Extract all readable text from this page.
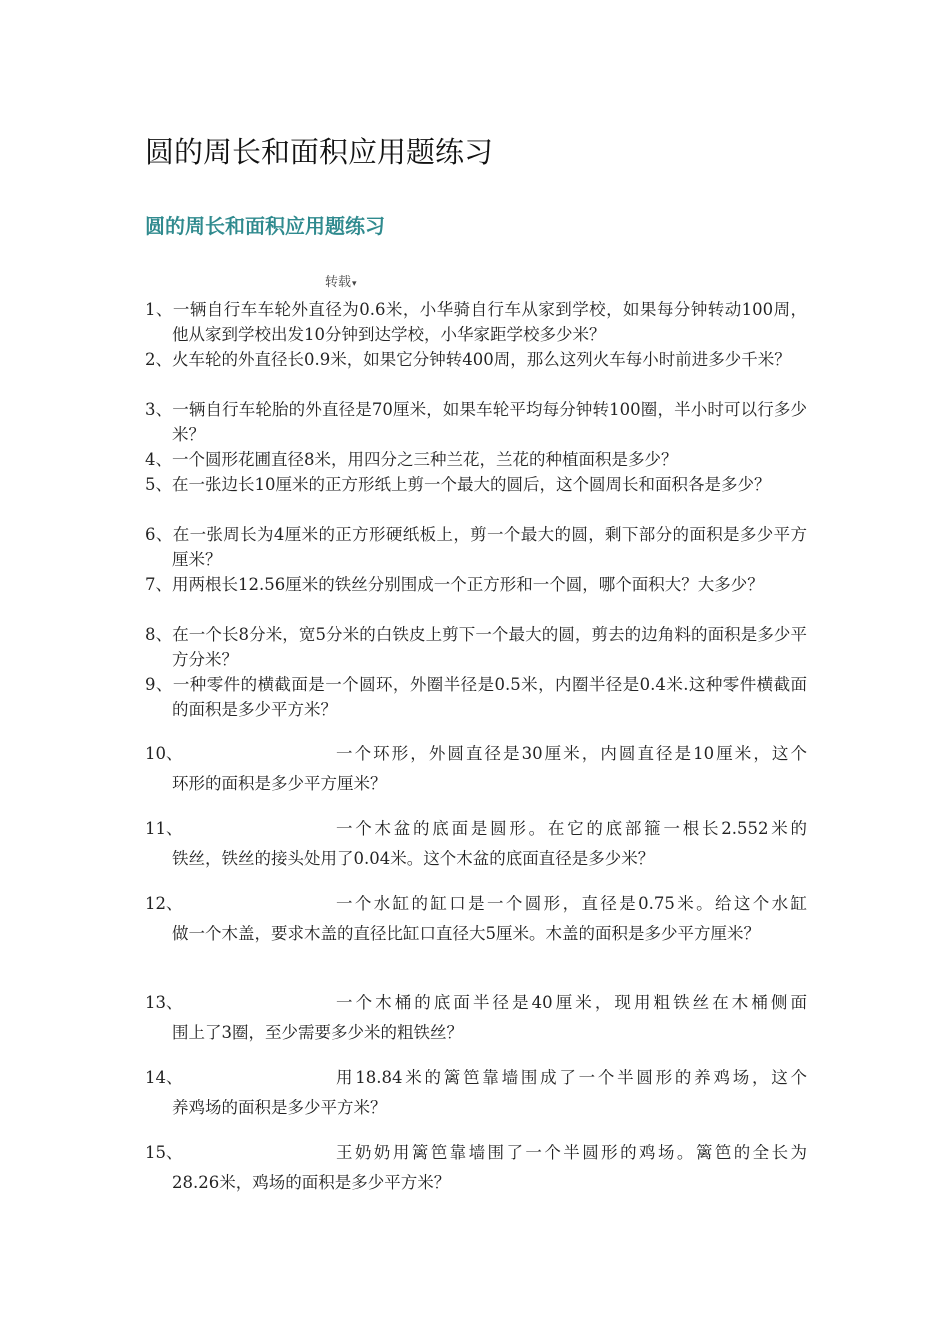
圆的周长和面积应用题练习
圆的周长和面积应用题练习
转载▾
1、一辆自行车车轮外直径为0.6米，小华骑自行车从家到学校，如果每分钟转动100周，他从家到学校出发10分钟到达学校，小华家距学校多少米？
2、火车轮的外直径长0.9米，如果它分钟转400周，那么这列火车每小时前进多少千米？
3、一辆自行车轮胎的外直径是70厘米，如果车轮平均每分钟转100圈，半小时可以行多少米？
4、一个圆形花圃直径8米，用四分之三种兰花，兰花的种植面积是多少？
5、在一张边长10厘米的正方形纸上剪一个最大的圆后，这个圆周长和面积各是多少？
6、在一张周长为4厘米的正方形硬纸板上，剪一个最大的圆，剩下部分的面积是多少平方厘米？
7、用两根长12.56厘米的铁丝分别围成一个正方形和一个圆，哪个面积大？大多少？
8、在一个长8分米，宽5分米的白铁皮上剪下一个最大的圆，剪去的边角料的面积是多少平方分米？
9、一种零件的横截面是一个圆环，外圈半径是0.5米，内圈半径是0.4米.这种零件横截面的面积是多少平方米？
10、	一个环形，外圆直径是30厘米，内圆直径是10厘米，这个
环形的面积是多少平方厘米？
11、	一个木盆的底面是圆形。在它的底部箍一根长2.552米的
铁丝，铁丝的接头处用了0.04米。这个木盆的底面直径是多少米？
12、	一个水缸的缸口是一个圆形，直径是0.75米。给这个水缸
做一个木盖，要求木盖的直径比缸口直径大5厘米。木盖的面积是多少平方厘米？
13、	一个木桶的底面半径是40厘米，现用粗铁丝在木桶侧面
围上了3圈，至少需要多少米的粗铁丝？
14、	用18.84米的篱笆靠墙围成了一个半圆形的养鸡场，这个
养鸡场的面积是多少平方米？
15、	王奶奶用篱笆靠墙围了一个半圆形的鸡场。篱笆的全长为
28.26米，鸡场的面积是多少平方米？
